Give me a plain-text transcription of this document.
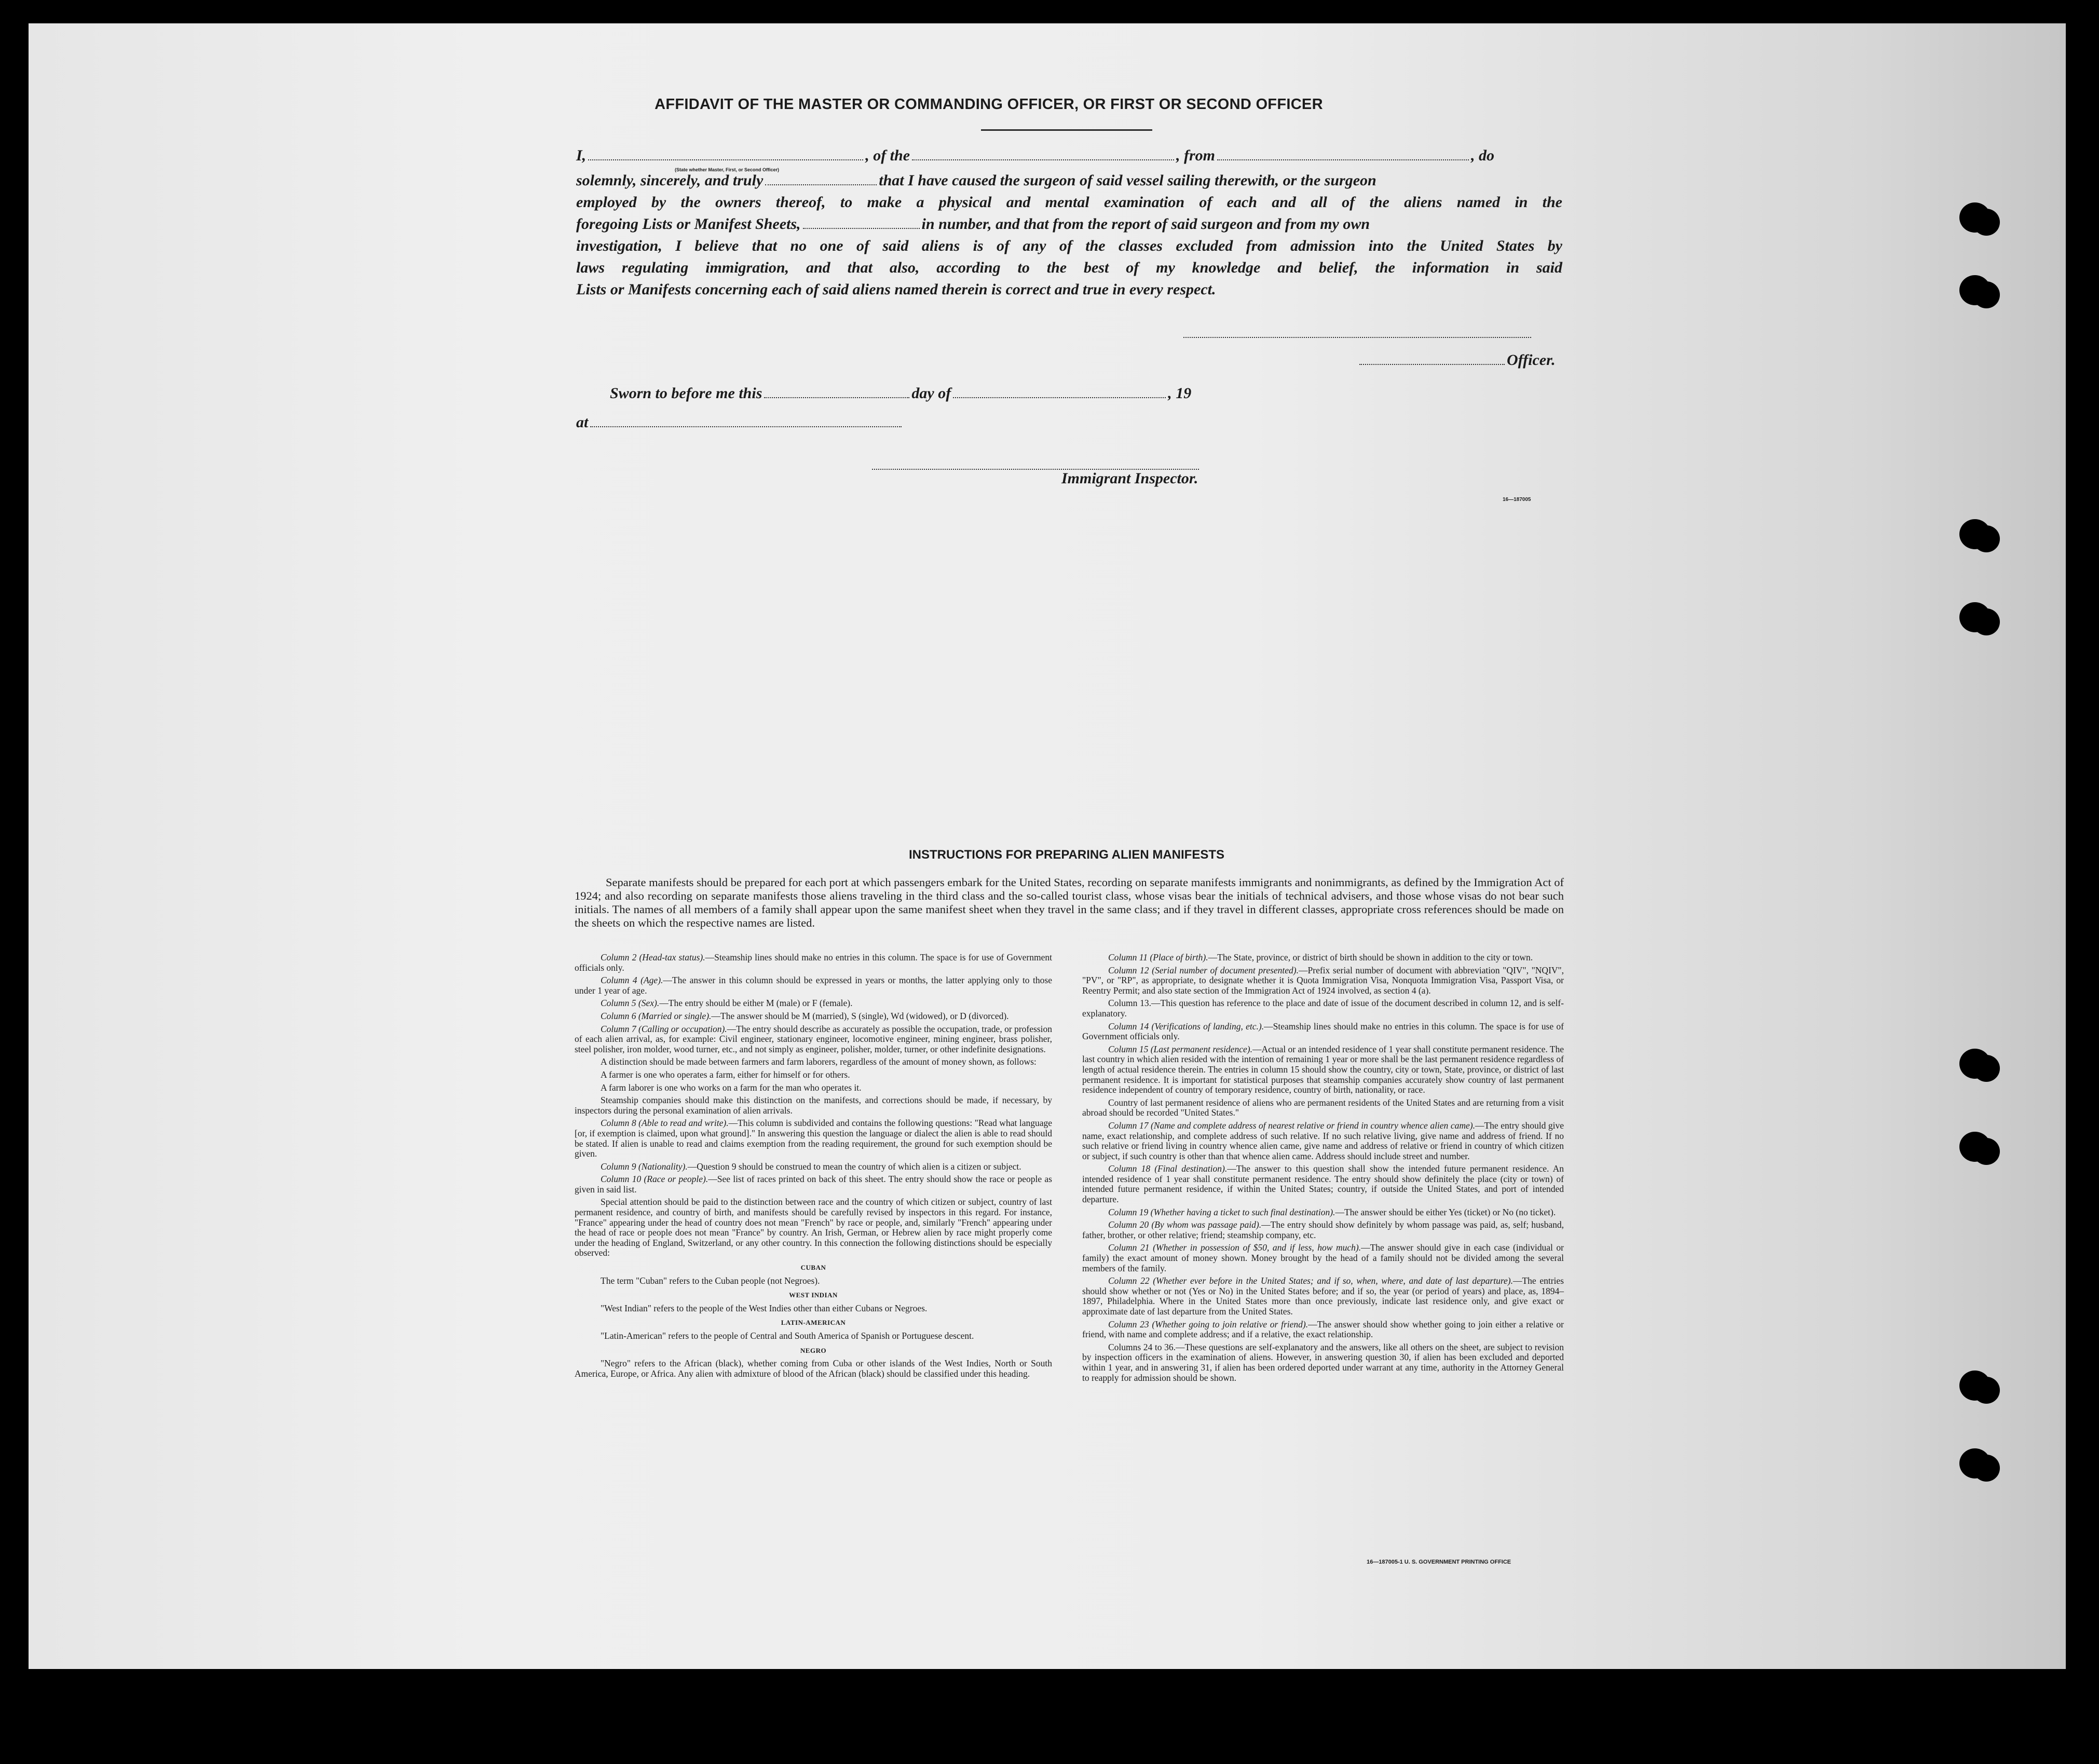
AFFIDAVIT OF THE MASTER OR COMMANDING OFFICER, OR FIRST OR SECOND OFFICER
I,	, of the	, from	, do
(State whether Master, First, or Second Officer)
solemnly, sincerely, and truly	that I have caused the surgeon of said vessel sailing therewith, or the surgeon
employed by the owners thereof, to make a physical and mental examination of each and all of the aliens named in the
foregoing Lists or Manifest Sheets,	in number, and that from the report of said surgeon and from my own
investigation, I believe that no one of said aliens is of any of the classes excluded from admission into the United States by
laws regulating immigration, and that also, according to the best of my knowledge and belief, the information in said
Lists or Manifests concerning each of said aliens named therein is correct and true in every respect.
Officer.
Sworn to before me this	day of	, 19
at
Immigrant Inspector.
16—187005
INSTRUCTIONS FOR PREPARING ALIEN MANIFESTS
Separate manifests should be prepared for each port at which passengers embark for the United States, recording on separate manifests immigrants and nonimmigrants, as defined by the Immigration Act of 1924; and also recording on separate manifests those aliens traveling in the third class and the so-called tourist class, whose visas bear the initials of technical advisers, and those whose visas do not bear such initials. The names of all members of a family shall appear upon the same manifest sheet when they travel in the same class; and if they travel in different classes, appropriate cross references should be made on the sheets on which the respective names are listed.

Column 2 (Head-tax status).—Steamship lines should make no entries in this column. The space is for use of Government officials only.

Column 4 (Age).—The answer in this column should be expressed in years or months, the latter applying only to those under 1 year of age.

Column 5 (Sex).—The entry should be either M (male) or F (female).

Column 6 (Married or single).—The answer should be M (married), S (single), Wd (widowed), or D (divorced).

Column 7 (Calling or occupation).—The entry should describe as accurately as possible the occupation, trade, or profession of each alien arrival, as, for example: Civil engineer, stationary engineer, locomotive engineer, mining engineer, brass polisher, steel polisher, iron molder, wood turner, etc., and not simply as engineer, polisher, molder, turner, or other indefinite designations.

A distinction should be made between farmers and farm laborers, regardless of the amount of money shown, as follows:

A farmer is one who operates a farm, either for himself or for others.

A farm laborer is one who works on a farm for the man who operates it.

Steamship companies should make this distinction on the manifests, and corrections should be made, if necessary, by inspectors during the personal examination of alien arrivals.

Column 8 (Able to read and write).—This column is subdivided and contains the following questions: "Read what language [or, if exemption is claimed, upon what ground]." In answering this question the language or dialect the alien is able to read should be stated. If alien is unable to read and claims exemption from the reading requirement, the ground for such exemption should be given.

Column 9 (Nationality).—Question 9 should be construed to mean the country of which alien is a citizen or subject.

Column 10 (Race or people).—See list of races printed on back of this sheet. The entry should show the race or people as given in said list.

Special attention should be paid to the distinction between race and the country of which citizen or subject, country of last permanent residence, and country of birth, and manifests should be carefully revised by inspectors in this regard. For instance, "France" appearing under the head of country does not mean "French" by race or people, and, similarly "French" appearing under the head of race or people does not mean "France" by country. An Irish, German, or Hebrew alien by race might properly come under the heading of England, Switzerland, or any other country. In this connection the following distinctions should be especially observed:

CUBAN

The term "Cuban" refers to the Cuban people (not Negroes).

WEST INDIAN

"West Indian" refers to the people of the West Indies other than either Cubans or Negroes.

LATIN-AMERICAN

"Latin-American" refers to the people of Central and South America of Spanish or Portuguese descent.

NEGRO

"Negro" refers to the African (black), whether coming from Cuba or other islands of the West Indies, North or South America, Europe, or Africa. Any alien with admixture of blood of the African (black) should be classified under this heading.

Column 11 (Place of birth).—The State, province, or district of birth should be shown in addition to the city or town.

Column 12 (Serial number of document presented).—Prefix serial number of document with abbreviation "QIV", "NQIV", "PV", or "RP", as appropriate, to designate whether it is Quota Immigration Visa, Nonquota Immigration Visa, Passport Visa, or Reentry Permit; and also state section of the Immigration Act of 1924 involved, as section 4 (a).

Column 13.—This question has reference to the place and date of issue of the document described in column 12, and is self-explanatory.

Column 14 (Verifications of landing, etc.).—Steamship lines should make no entries in this column. The space is for use of Government officials only.

Column 15 (Last permanent residence).—Actual or an intended residence of 1 year shall constitute permanent residence. The last country in which alien resided with the intention of remaining 1 year or more shall be the last permanent residence regardless of length of actual residence therein. The entries in column 15 should show the country, city or town, State, province, or district of last permanent residence. It is important for statistical purposes that steamship companies accurately show country of last permanent residence independent of country of temporary residence, country of birth, nationality, or race.

Country of last permanent residence of aliens who are permanent residents of the United States and are returning from a visit abroad should be recorded "United States."

Column 17 (Name and complete address of nearest relative or friend in country whence alien came).—The entry should give name, exact relationship, and complete address of such relative. If no such relative living, give name and address of friend. If no such relative or friend living in country whence alien came, give name and address of relative or friend in country of which citizen or subject, if such country is other than that whence alien came. Address should include street and number.

Column 18 (Final destination).—The answer to this question shall show the intended future permanent residence. An intended residence of 1 year shall constitute permanent residence. The entry should show definitely the place (city or town) of intended future permanent residence, if within the United States; country, if outside the United States, and port of intended departure.

Column 19 (Whether having a ticket to such final destination).—The answer should be either Yes (ticket) or No (no ticket).

Column 20 (By whom was passage paid).—The entry should show definitely by whom passage was paid, as, self; husband, father, brother, or other relative; friend; steamship company, etc.

Column 21 (Whether in possession of $50, and if less, how much).—The answer should give in each case (individual or family) the exact amount of money shown. Money brought by the head of a family should not be divided among the several members of the family.

Column 22 (Whether ever before in the United States; and if so, when, where, and date of last departure).—The entries should show whether or not (Yes or No) in the United States before; and if so, the year (or period of years) and place, as, 1894–1897, Philadelphia. Where in the United States more than once previously, indicate last residence only, and give exact or approximate date of last departure from the United States.

Column 23 (Whether going to join relative or friend).—The answer should show whether going to join either a relative or friend, with name and complete address; and if a relative, the exact relationship.

Columns 24 to 36.—These questions are self-explanatory and the answers, like all others on the sheet, are subject to revision by inspection officers in the examination of aliens. However, in answering question 30, if alien has been excluded and deported within 1 year, and in answering 31, if alien has been ordered deported under warrant at any time, authority in the Attorney General to reapply for admission should be shown.

16—187005-1 U. S. GOVERNMENT PRINTING OFFICE
